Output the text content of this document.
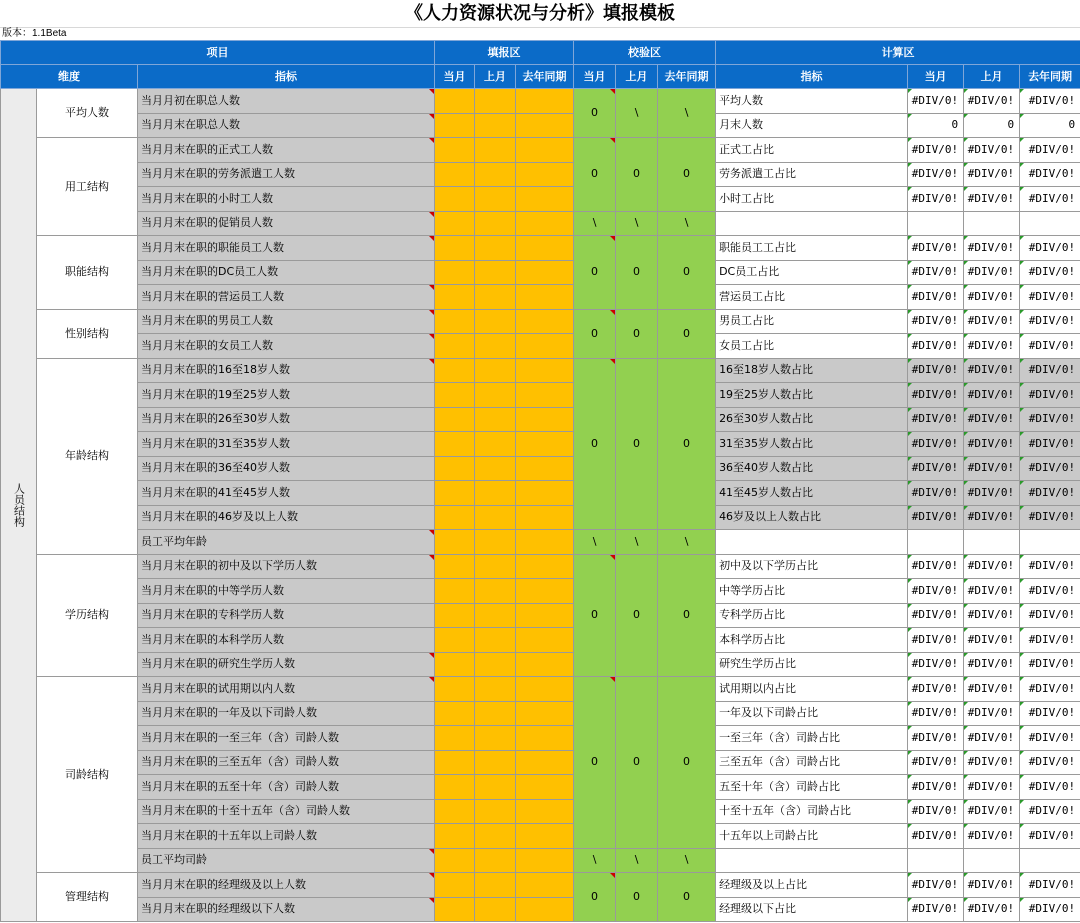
《人力资源状况与分析》填报模板
版本：1.1Beta
项目			填报区			校验区			计算区			
维度		指标	当月	上月	去年同期	当月	上月	去年同期	指标	当月	上月	去年同期
人员结构	平均人数	当月月初在职总人数				0	\	\	平均人数	#DIV/0!	#DIV/0!	#DIV/0!
		当月月末在职总人数							月末人数	0	0	0
	用工结构	当月月末在职的正式工人数				0	0	0	正式工占比	#DIV/0!	#DIV/0!	#DIV/0!
		当月月末在职的劳务派遣工人数							劳务派遣工占比	#DIV/0!	#DIV/0!	#DIV/0!
		当月月末在职的小时工人数							小时工占比	#DIV/0!	#DIV/0!	#DIV/0!
		当月月末在职的促销员人数				\	\	\				
	职能结构	当月月末在职的职能员工人数				0	0	0	职能员工工占比	#DIV/0!	#DIV/0!	#DIV/0!
		当月月末在职的DC员工人数							DC员工占比	#DIV/0!	#DIV/0!	#DIV/0!
		当月月末在职的营运员工人数							营运员工占比	#DIV/0!	#DIV/0!	#DIV/0!
	性别结构	当月月末在职的男员工人数				0	0	0	男员工占比	#DIV/0!	#DIV/0!	#DIV/0!
		当月月末在职的女员工人数							女员工占比	#DIV/0!	#DIV/0!	#DIV/0!
	年龄结构	当月月末在职的16至18岁人数				0	0	0	16至18岁人数占比	#DIV/0!	#DIV/0!	#DIV/0!
		当月月末在职的19至25岁人数							19至25岁人数占比	#DIV/0!	#DIV/0!	#DIV/0!
		当月月末在职的26至30岁人数							26至30岁人数占比	#DIV/0!	#DIV/0!	#DIV/0!
		当月月末在职的31至35岁人数							31至35岁人数占比	#DIV/0!	#DIV/0!	#DIV/0!
		当月月末在职的36至40岁人数							36至40岁人数占比	#DIV/0!	#DIV/0!	#DIV/0!
		当月月末在职的41至45岁人数							41至45岁人数占比	#DIV/0!	#DIV/0!	#DIV/0!
		当月月末在职的46岁及以上人数							46岁及以上人数占比	#DIV/0!	#DIV/0!	#DIV/0!
		员工平均年龄				\	\	\				
	学历结构	当月月末在职的初中及以下学历人数				0	0	0	初中及以下学历占比	#DIV/0!	#DIV/0!	#DIV/0!
		当月月末在职的中等学历人数							中等学历占比	#DIV/0!	#DIV/0!	#DIV/0!
		当月月末在职的专科学历人数							专科学历占比	#DIV/0!	#DIV/0!	#DIV/0!
		当月月末在职的本科学历人数							本科学历占比	#DIV/0!	#DIV/0!	#DIV/0!
		当月月末在职的研究生学历人数							研究生学历占比	#DIV/0!	#DIV/0!	#DIV/0!
	司龄结构	当月月末在职的试用期以内人数				0	0	0	试用期以内占比	#DIV/0!	#DIV/0!	#DIV/0!
		当月月末在职的一年及以下司龄人数							一年及以下司龄占比	#DIV/0!	#DIV/0!	#DIV/0!
		当月月末在职的一至三年（含）司龄人数							一至三年（含）司龄占比	#DIV/0!	#DIV/0!	#DIV/0!
		当月月末在职的三至五年（含）司龄人数							三至五年（含）司龄占比	#DIV/0!	#DIV/0!	#DIV/0!
		当月月末在职的五至十年（含）司龄人数							五至十年（含）司龄占比	#DIV/0!	#DIV/0!	#DIV/0!
		当月月末在职的十至十五年（含）司龄人数							十至十五年（含）司龄占比	#DIV/0!	#DIV/0!	#DIV/0!
		当月月末在职的十五年以上司龄人数							十五年以上司龄占比	#DIV/0!	#DIV/0!	#DIV/0!
		员工平均司龄				\	\	\				
	管理结构	当月月末在职的经理级及以上人数				0	0	0	经理级及以上占比	#DIV/0!	#DIV/0!	#DIV/0!
		当月月末在职的经理级以下人数							经理级以下占比	#DIV/0!	#DIV/0!	#DIV/0!
